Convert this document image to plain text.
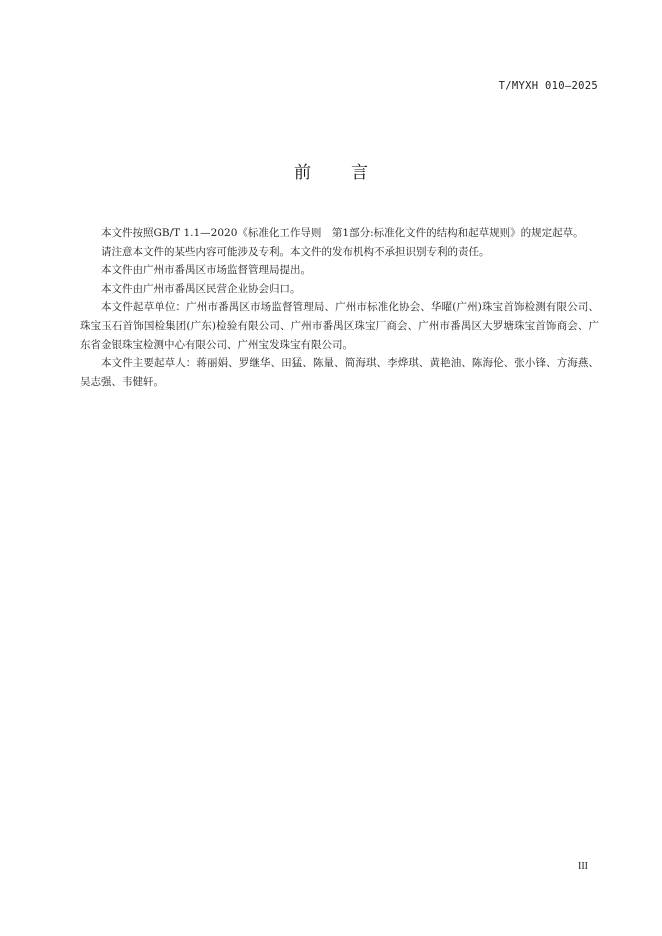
T/MYXH 010—2025
前言

本文件按照GB/T 1.1—2020《标准化工作导则　第1部分:标准化文件的结构和起草规则》的规定起草。

请注意本文件的某些内容可能涉及专利。本文件的发布机构不承担识别专利的责任。

本文件由广州市番禺区市场监督管理局提出。

本文件由广州市番禺区民营企业协会归口。

本文件起草单位：广州市番禺区市场监督管理局、广州市标准化协会、华曜(广州)珠宝首饰检测有限公司、珠宝玉石首饰国检集团(广东)检验有限公司、广州市番禺区珠宝厂商会、广州市番禺区大罗塘珠宝首饰商会、广东省金银珠宝检测中心有限公司、广州宝发珠宝有限公司。

本文件主要起草人：蒋丽娟、罗继华、田猛、陈量、简海琪、李烨琪、黄艳油、陈海伦、张小锋、方海燕、吴志强、韦健轩。

III
